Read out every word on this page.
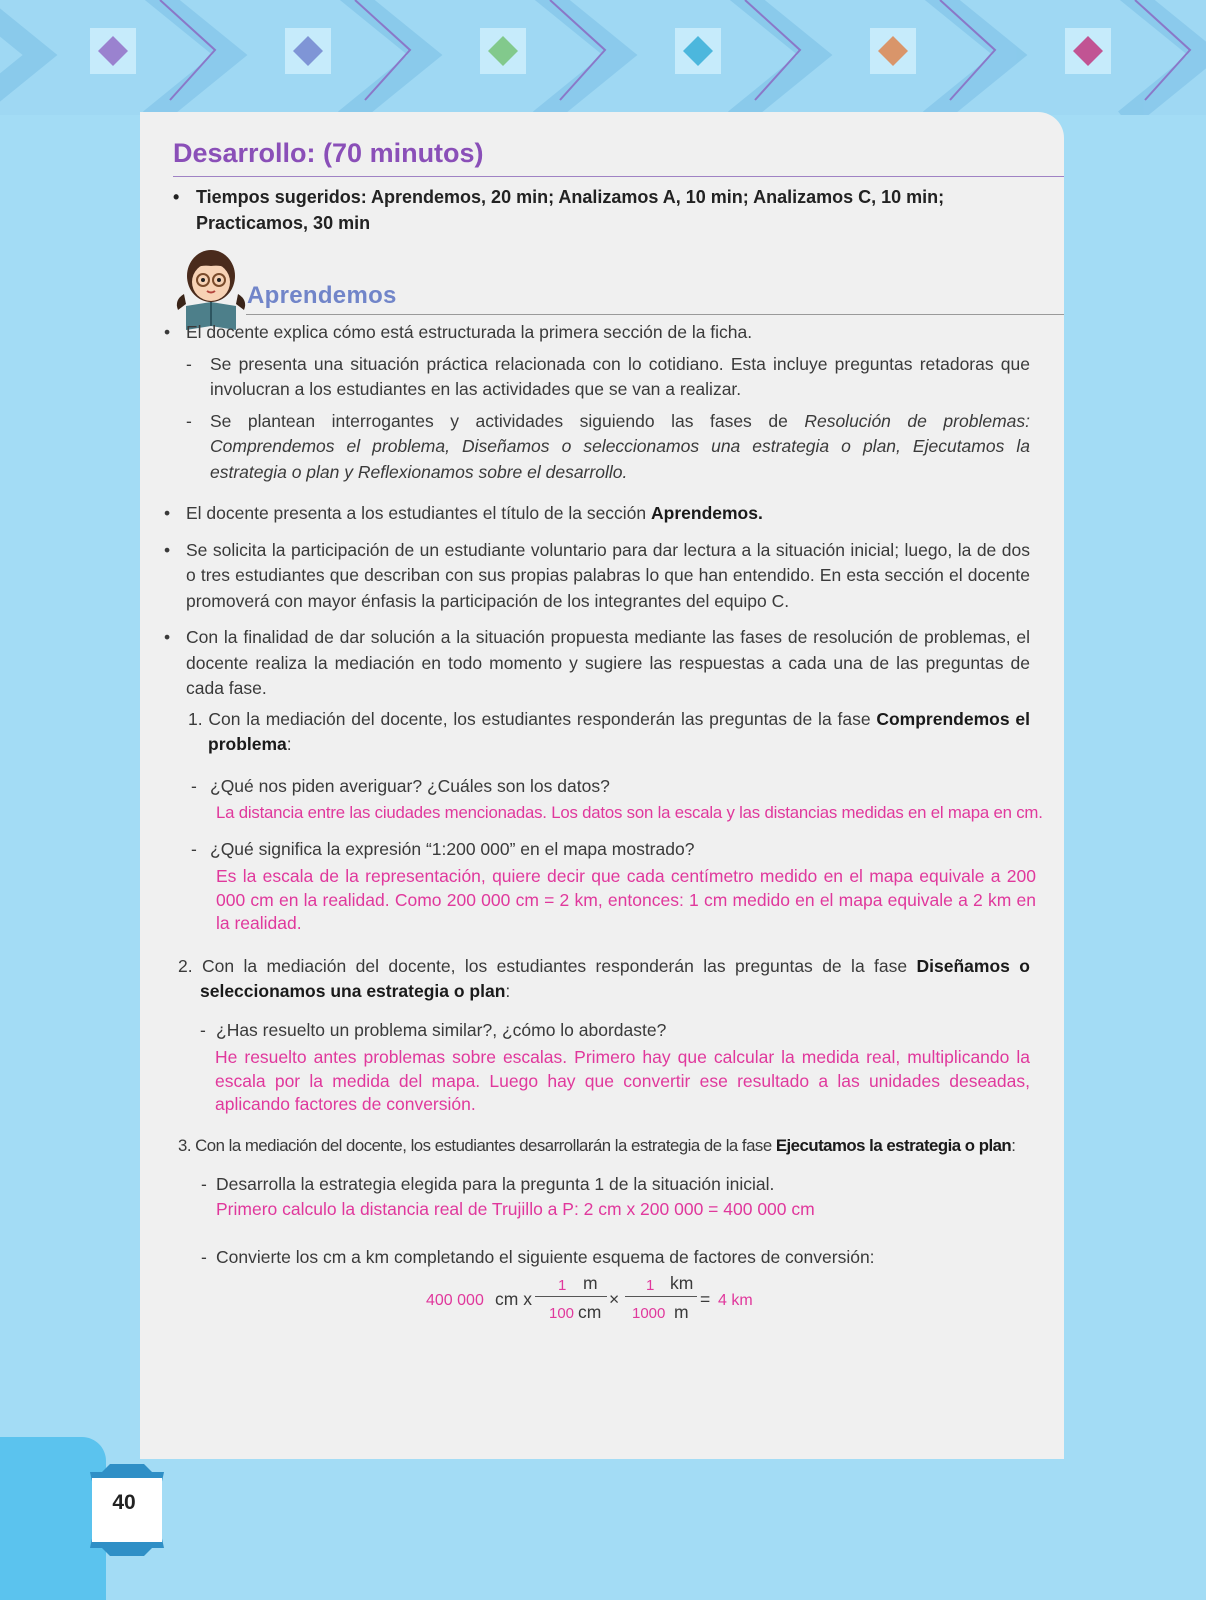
40
Desarrollo: (70 minutos)

• Tiempos sugeridos: Aprendemos, 20 min; Analizamos A, 10 min; Analizamos C, 10 min; Practicamos, 30 min

Aprendemos
• El docente explica cómo está estructurada la primera sección de la ficha.
- Se presenta una situación práctica relacionada con lo cotidiano. Esta incluye preguntas retadoras que involucran a los estudiantes en las actividades que se van a realizar.
- Se plantean interrogantes y actividades siguiendo las fases de Resolución de problemas: Comprendemos el problema, Diseñamos o seleccionamos una estrategia o plan, Ejecutamos la estrategia o plan y Reflexionamos sobre el desarrollo.
• El docente presenta a los estudiantes el título de la sección Aprendemos.
• Se solicita la participación de un estudiante voluntario para dar lectura a la situación inicial; luego, la de dos o tres estudiantes que describan con sus propias palabras lo que han entendido. En esta sección el docente promoverá con mayor énfasis la participación de los integrantes del equipo C.
• Con la finalidad de dar solución a la situación propuesta mediante las fases de resolución de problemas, el docente realiza la mediación en todo momento y sugiere las respuestas a cada una de las preguntas de cada fase.
1. Con la mediación del docente, los estudiantes responderán las preguntas de la fase Comprendemos el problema:
- ¿Qué nos piden averiguar? ¿Cuáles son los datos?
La distancia entre las ciudades mencionadas. Los datos son la escala y las distancias medidas en el mapa en cm.
- ¿Qué significa la expresión “1:200 000” en el mapa mostrado?
Es la escala de la representación, quiere decir que cada centímetro medido en el mapa equivale a 200 000 cm en la realidad. Como 200 000 cm = 2 km, entonces: 1 cm medido en el mapa equivale a 2 km en la realidad.
2. Con la mediación del docente, los estudiantes responderán las preguntas de la fase Diseñamos o seleccionamos una estrategia o plan:
- ¿Has resuelto un problema similar?, ¿cómo lo abordaste?
He resuelto antes problemas sobre escalas. Primero hay que calcular la medida real, multiplicando la escala por la medida del mapa. Luego hay que convertir ese resultado a las unidades deseadas, aplicando factores de conversión.
3. Con la mediación del docente, los estudiantes desarrollarán la estrategia de la fase Ejecutamos la estrategia o plan:
- Desarrolla la estrategia elegida para la pregunta 1 de la situación inicial.
Primero calculo la distancia real de Trujillo a P: 2 cm x 200 000 = 400 000 cm
- Convierte los cm a km completando el siguiente esquema de factores de conversión:
400 000 cm x
1 m
100 cm
×
1 km
1000 m
= 4 km
